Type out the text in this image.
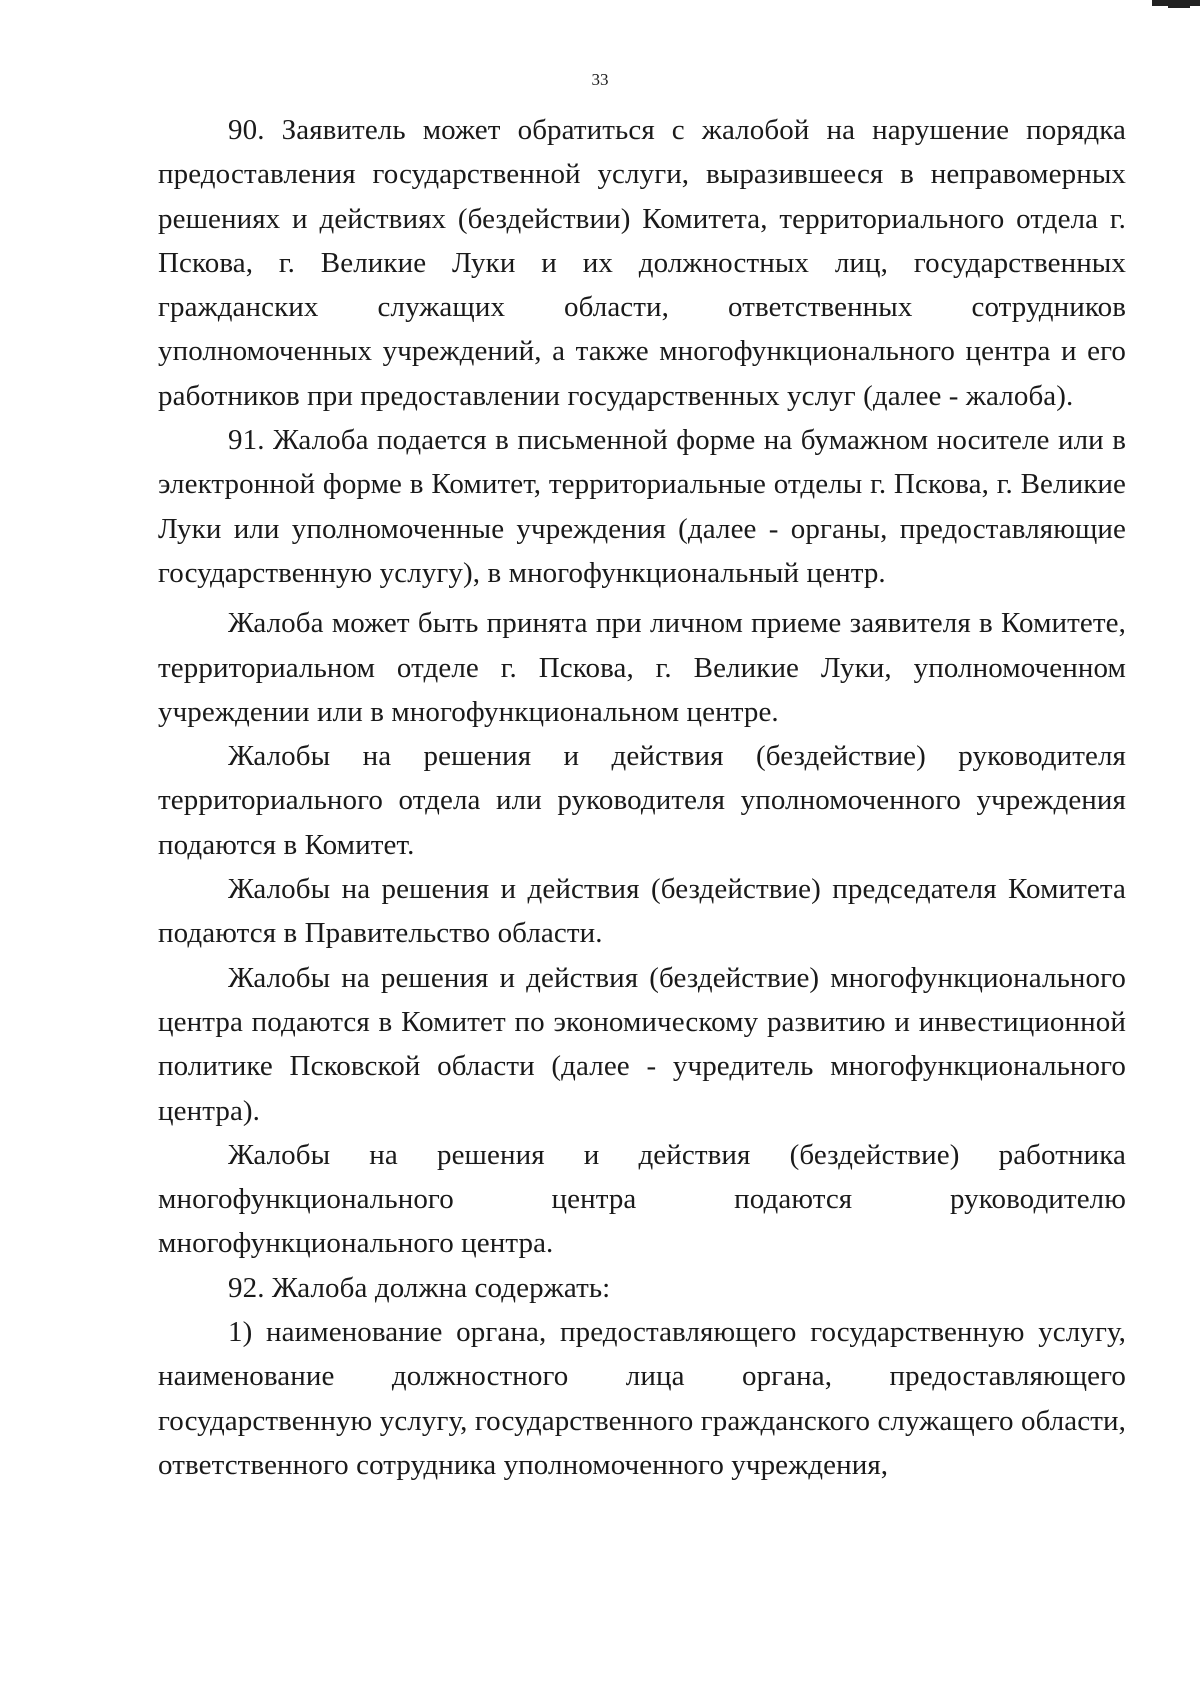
33

90. Заявитель может обратиться с жалобой на нарушение порядка предоставления государственной услуги, выразившееся в неправомерных решениях и действиях (бездействии) Комитета, территориального отдела г. Пскова, г. Великие Луки и их должностных лиц, государственных гражданских служащих области, ответственных сотрудников уполномоченных учреждений, а также многофункционального центра и его работников при предоставлении государственных услуг (далее - жалоба).

91. Жалоба подается в письменной форме на бумажном носителе или в электронной форме в Комитет, территориальные отделы г. Пскова, г. Великие Луки или уполномоченные учреждения (далее - органы, предоставляющие государственную услугу), в многофункциональный центр.

Жалоба может быть принята при личном приеме заявителя в Комитете, территориальном отделе г. Пскова, г. Великие Луки, уполномоченном учреждении или в многофункциональном центре.

Жалобы на решения и действия (бездействие) руководителя территориального отдела или руководителя уполномоченного учреждения подаются в Комитет.

Жалобы на решения и действия (бездействие) председателя Комитета подаются в Правительство области.

Жалобы на решения и действия (бездействие) многофункционального центра подаются в Комитет по экономическому развитию и инвестиционной политике Псковской области (далее - учредитель многофункционального центра).

Жалобы на решения и действия (бездействие) работника многофункционального центра подаются руководителю многофункционального центра.

92. Жалоба должна содержать:

1) наименование органа, предоставляющего государственную услугу, наименование должностного лица органа, предоставляющего государственную услугу, государственного гражданского служащего области, ответственного сотрудника уполномоченного учреждения,
